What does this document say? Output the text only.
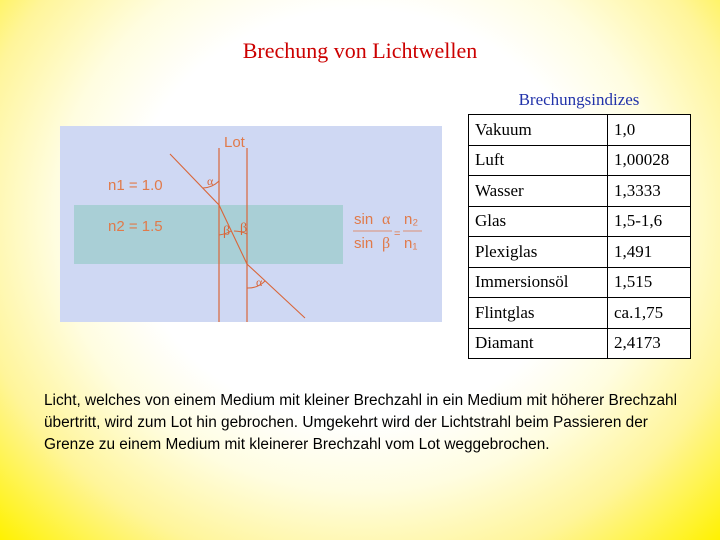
Brechung von Lichtwellen
Brechungsindizes
Vakuum	1,0
Luft	1,00028
Wasser	1,3333
Glas	1,5-1,6
Plexiglas	1,491
Immersionsöl	1,515
Flintglas	ca.1,75
Diamant	2,4173
Lot
n1 = 1.0
n2 = 1.5
α
β β
α
sin α
sin β
=
n₂
n₁
Licht, welches von einem Medium mit kleiner Brechzahl in ein Medium mit höherer Brechzahl übertritt, wird zum Lot hin gebrochen. Umgekehrt wird der Lichtstrahl beim Passieren der Grenze zu einem Medium mit kleinerer Brechzahl vom Lot weggebrochen.
